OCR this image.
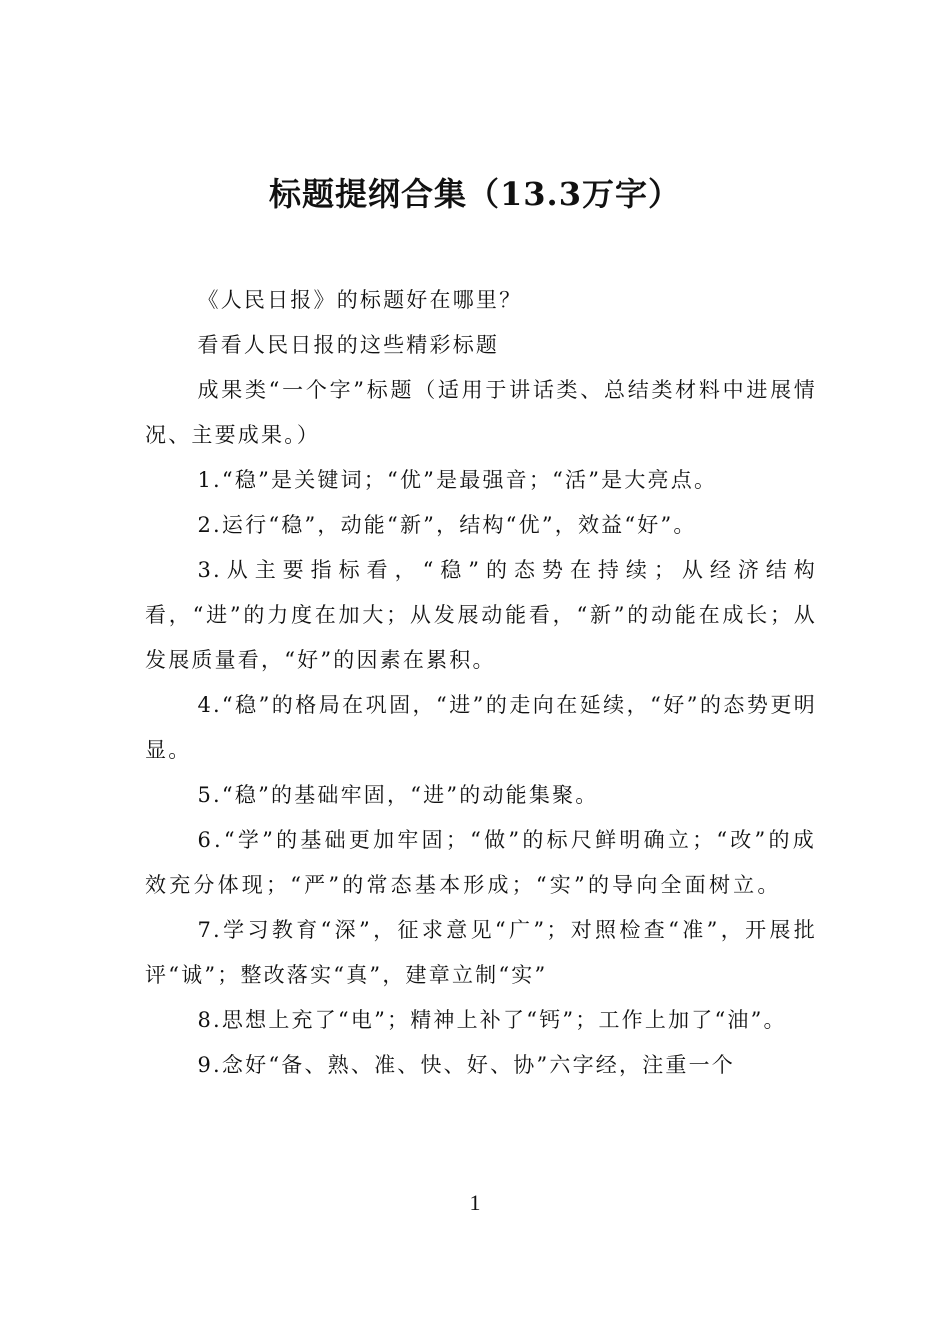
标题提纲合集（13.3万字）

《人民日报》的标题好在哪里？

看看人民日报的这些精彩标题

成果类“一个字”标题（适用于讲话类、总结类材料中进展情况、主要成果。）

1.“稳”是关键词；“优”是最强音；“活”是大亮点。

2.运行“稳”，动能“新”，结构“优”，效益“好”。

3.从主要指标看，“稳”的态势在持续；从经济结构看，“进”的力度在加大；从发展动能看，“新”的动能在成长；从发展质量看，“好”的因素在累积。

4.“稳”的格局在巩固，“进”的走向在延续，“好”的态势更明显。

5.“稳”的基础牢固，“进”的动能集聚。

6.“学”的基础更加牢固；“做”的标尺鲜明确立；“改”的成效充分体现；“严”的常态基本形成；“实”的导向全面树立。

7.学习教育“深”，征求意见“广”；对照检查“准”，开展批评“诚”；整改落实“真”，建章立制“实”

8.思想上充了“电”；精神上补了“钙”；工作上加了“油”。

9.念好“备、熟、准、快、好、协”六字经，注重一个

1
